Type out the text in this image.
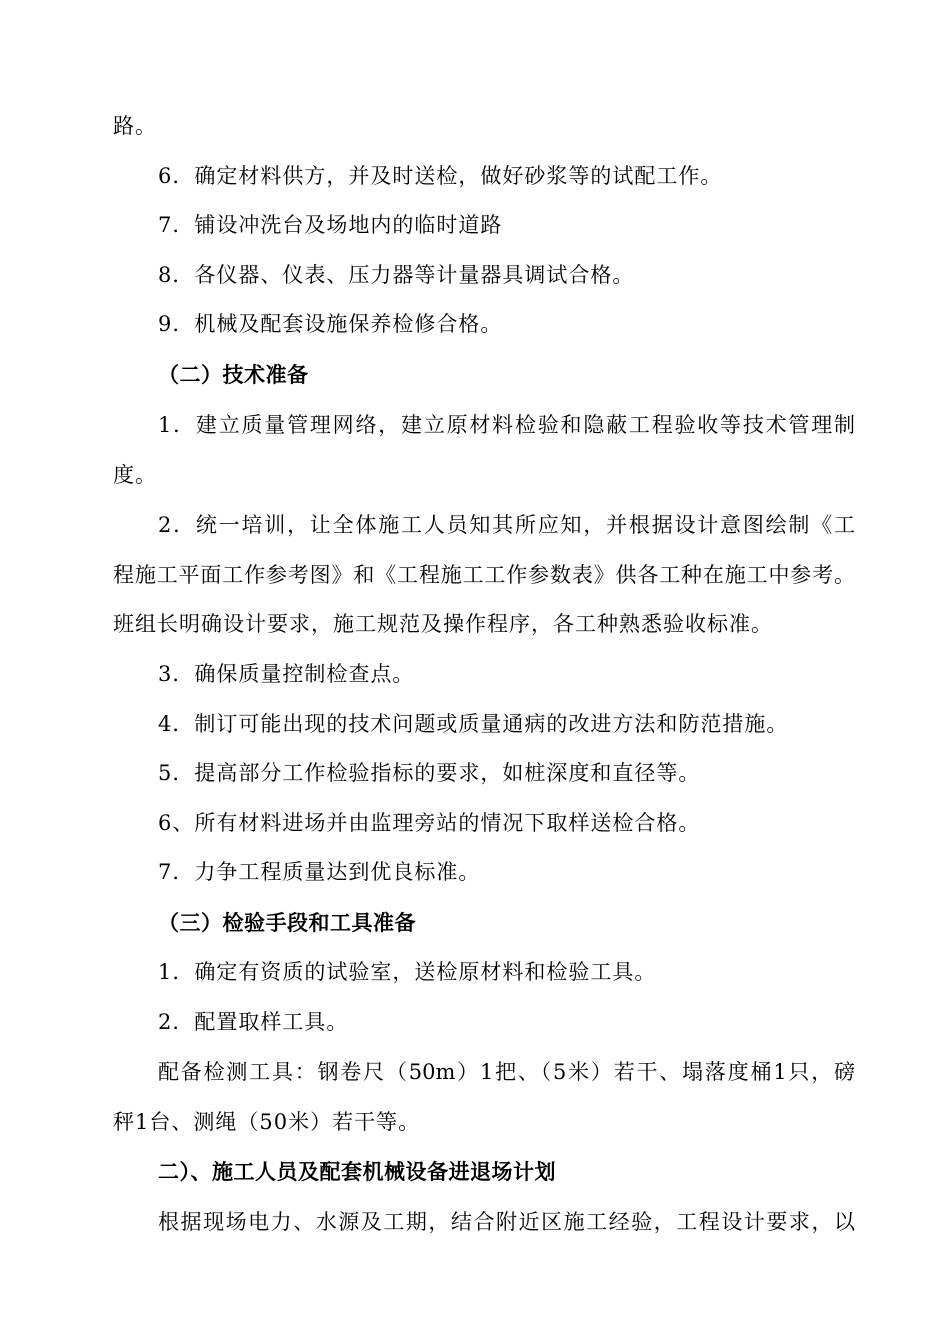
路。
6．确定材料供方，并及时送检，做好砂浆等的试配工作。
7．铺设冲洗台及场地内的临时道路
8．各仪器、仪表、压力器等计量器具调试合格。
9．机械及配套设施保养检修合格。
（二）技术准备
1．建立质量管理网络，建立原材料检验和隐蔽工程验收等技术管理制
度。
2．统一培训，让全体施工人员知其所应知，并根据设计意图绘制《工
程施工平面工作参考图》和《工程施工工作参数表》供各工种在施工中参考。
班组长明确设计要求，施工规范及操作程序，各工种熟悉验收标准。
3．确保质量控制检查点。
4．制订可能出现的技术问题或质量通病的改进方法和防范措施。
5．提高部分工作检验指标的要求，如桩深度和直径等。
6、所有材料进场并由监理旁站的情况下取样送检合格。
7．力争工程质量达到优良标准。
（三）检验手段和工具准备
1．确定有资质的试验室，送检原材料和检验工具。
2．配置取样工具。
配备检测工具：钢卷尺（50m）1把、（5米）若干、塌落度桶1只，磅
秤1台、测绳（50米）若干等。
二）、施工人员及配套机械设备进退场计划
根据现场电力、水源及工期，结合附近区施工经验，工程设计要求，以
